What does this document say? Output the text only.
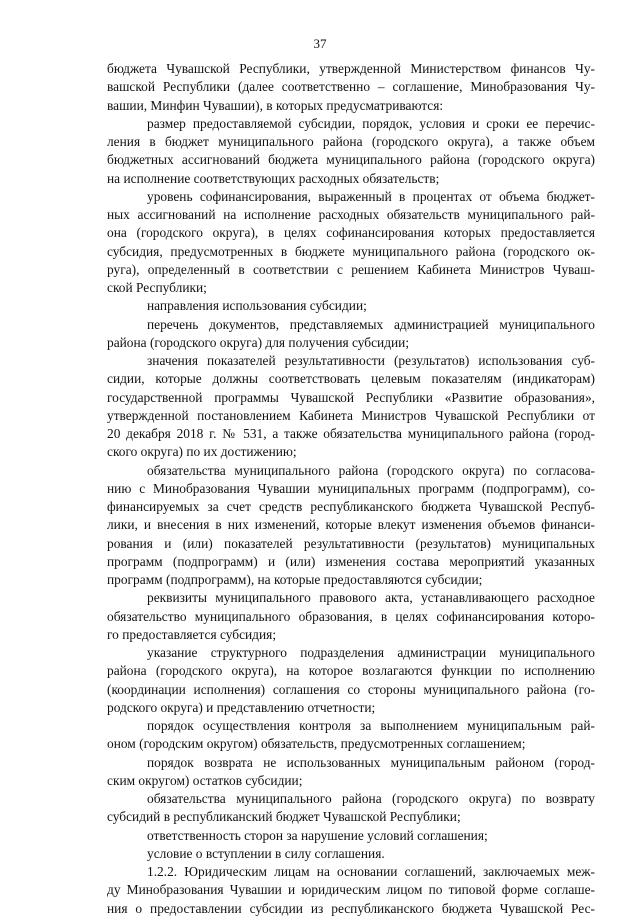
37
бюджета Чувашской Республики, утвержденной Министерством финансов Чу-
вашской Республики (далее соответственно – соглашение, Минобразования Чу-
вашии, Минфин Чувашии), в которых предусматриваются:
размер предоставляемой субсидии, порядок, условия и сроки ее перечис-
ления в бюджет муниципального района (городского округа), а также объем
бюджетных ассигнований бюджета муниципального района (городского округа)
на исполнение соответствующих расходных обязательств;
уровень софинансирования, выраженный в процентах от объема бюджет-
ных ассигнований на исполнение расходных обязательств муниципального рай-
она (городского округа), в целях софинансирования которых предоставляется
субсидия, предусмотренных в бюджете муниципального района (городского ок-
руга), определенный в соответствии с решением Кабинета Министров Чуваш-
ской Республики;
направления использования субсидии;
перечень документов, представляемых администрацией муниципального
района (городского округа) для получения субсидии;
значения показателей результативности (результатов) использования суб-
сидии, которые должны соответствовать целевым показателям (индикаторам)
государственной программы Чувашской Республики «Развитие образования»,
утвержденной постановлением Кабинета Министров Чувашской Республики от
20 декабря 2018 г. № 531, а также обязательства муниципального района (город-
ского округа) по их достижению;
обязательства муниципального района (городского округа) по согласова-
нию с Минобразования Чувашии муниципальных программ (подпрограмм), со-
финансируемых за счет средств республиканского бюджета Чувашской Респуб-
лики, и внесения в них изменений, которые влекут изменения объемов финанси-
рования и (или) показателей результативности (результатов) муниципальных
программ (подпрограмм) и (или) изменения состава мероприятий указанных
программ (подпрограмм), на которые предоставляются субсидии;
реквизиты муниципального правового акта, устанавливающего расходное
обязательство муниципального образования, в целях софинансирования которо-
го предоставляется субсидия;
указание структурного подразделения администрации муниципального
района (городского округа), на которое возлагаются функции по исполнению
(координации исполнения) соглашения со стороны муниципального района (го-
родского округа) и представлению отчетности;
порядок осуществления контроля за выполнением муниципальным рай-
оном (городским округом) обязательств, предусмотренных соглашением;
порядок возврата не использованных муниципальным районом (город-
ским округом) остатков субсидии;
обязательства муниципального района (городского округа) по возврату
субсидий в республиканский бюджет Чувашской Республики;
ответственность сторон за нарушение условий соглашения;
условие о вступлении в силу соглашения.
1.2.2. Юридическим лицам на основании соглашений, заключаемых меж-
ду Минобразования Чувашии и юридическим лицом по типовой форме соглаше-
ния о предоставлении субсидии из республиканского бюджета Чувашской Рес-
